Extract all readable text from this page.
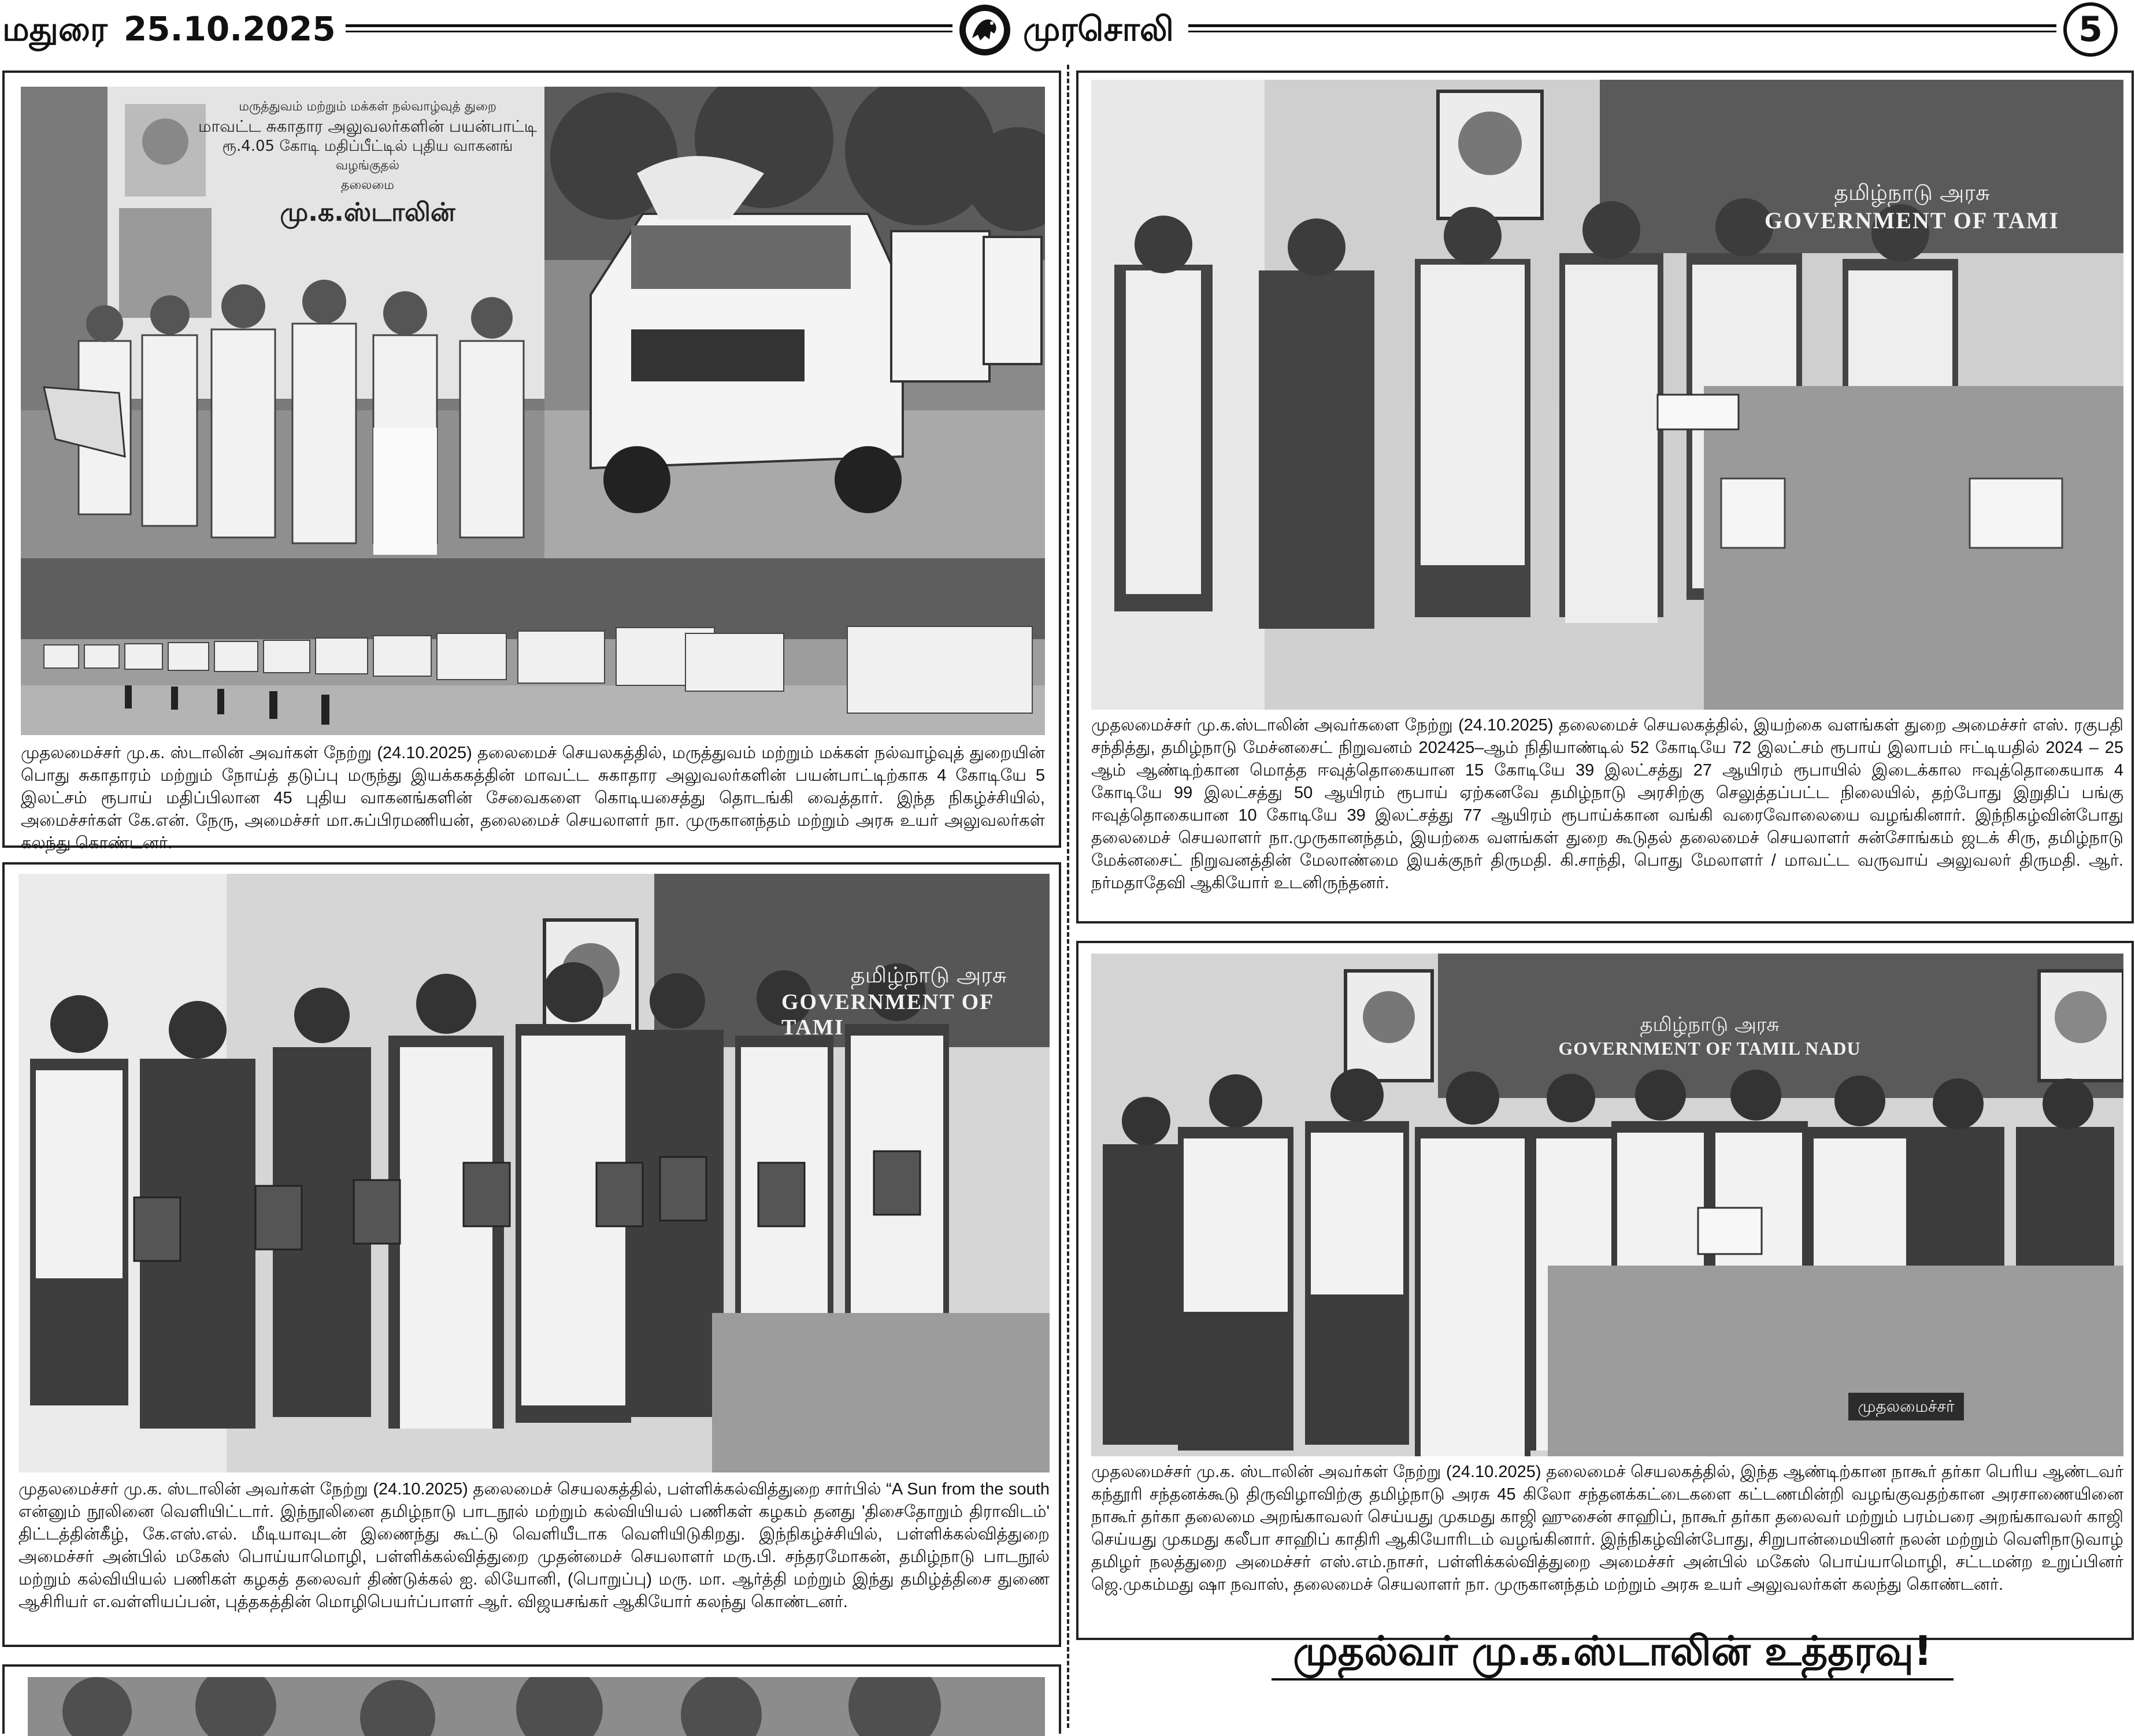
மதுரை 25.10.2025	முரசொலி	5
மருத்துவம் மற்றும் மக்கள் நல்வாழ்வுத் துறை
மாவட்ட சுகாதார அலுவலர்களின் பயன்பாட்டி
ரூ.4.05 கோடி மதிப்பீட்டில் புதிய வாகனங்
வழங்குதல்
தலைமை
மு.க.ஸ்டாலின்
முதலமைச்சர் மு.க. ஸ்டாலின் அவர்கள் நேற்று (24.10.2025) தலைமைச் செயலகத்தில், மருத்துவம் மற்றும் மக்கள் நல்வாழ்வுத் துறையின் பொது சுகாதாரம் மற்றும் நோய்த் தடுப்பு மருந்து இயக்ககத்தின் மாவட்ட சுகாதார அலுவலர்களின் பயன்பாட்டிற்காக 4 கோடியே 5 இலட்சம் ரூபாய் மதிப்பிலான 45 புதிய வாகனங்களின் சேவைகளை கொடியசைத்து தொடங்கி வைத்தார். இந்த நிகழ்ச்சியில், அமைச்சர்கள் கே.என். நேரு, அமைச்சர் மா.சுப்பிரமணியன், தலைமைச் செயலாளர் நா. முருகானந்தம் மற்றும் அரசு உயர் அலுவலர்கள் கலந்து கொண்டனர்.
தமிழ்நாடு அரசு
GOVERNMENT OF TAMI
முதலமைச்சர் மு.க.ஸ்டாலின் அவர்களை நேற்று (24.10.2025) தலைமைச் செயலகத்தில், இயற்கை வளங்கள் துறை அமைச்சர் எஸ். ரகுபதி சந்தித்து, தமிழ்நாடு மேச்னசைட் நிறுவனம் 202425–ஆம் நிதியாண்டில் 52 கோடியே 72 இலட்சம் ரூபாய் இலாபம் ஈட்டியதில் 2024 – 25 ஆம் ஆண்டிற்கான மொத்த ஈவுத்தொகையான 15 கோடியே 39 இலட்சத்து 27 ஆயிரம் ரூபாயில் இடைக்கால ஈவுத்தொகையாக 4 கோடியே 99 இலட்சத்து 50 ஆயிரம் ரூபாய் ஏற்கனவே தமிழ்நாடு அரசிற்கு செலுத்தப்பட்ட நிலையில், தற்போது இறுதிப் பங்கு ஈவுத்தொகையான 10 கோடியே 39 இலட்சத்து 77 ஆயிரம் ரூபாய்க்கான வங்கி வரைவோலையை வழங்கினார். இந்நிகழ்வின்போது தலைமைச் செயலாளர் நா.முருகானந்தம், இயற்கை வளங்கள் துறை கூடுதல் தலைமைச் செயலாளர் சுன்சோங்கம் ஜடக் சிரு, தமிழ்நாடு மேக்னசைட் நிறுவனத்தின் மேலாண்மை இயக்குநர் திருமதி. கி.சாந்தி, பொது மேலாளர் / மாவட்ட வருவாய் அலுவலர் திருமதி. ஆர். நர்மதாதேவி ஆகியோர் உடனிருந்தனர்.
தமிழ்நாடு அரசு
GOVERNMENT OF TAMI
முதலமைச்சர் மு.க. ஸ்டாலின் அவர்கள் நேற்று (24.10.2025) தலைமைச் செயலகத்தில், பள்ளிக்கல்வித்துறை சார்பில் “A Sun from the south என்னும் நூலினை வெளியிட்டார். இந்நூலினை தமிழ்நாடு பாடநூல் மற்றும் கல்வியியல் பணிகள் கழகம் தனது 'திசைதோறும் திராவிடம்' திட்டத்தின்கீழ், கே.எஸ்.எல். மீடியாவுடன் இணைந்து கூட்டு வெளியீடாக வெளியிடுகிறது. இந்நிகழ்ச்சியில், பள்ளிக்கல்வித்துறை அமைச்சர் அன்பில் மகேஸ் பொய்யாமொழி, பள்ளிக்கல்வித்துறை முதன்மைச் செயலாளர் மரு.பி. சந்தரமோகன், தமிழ்நாடு பாடநூல் மற்றும் கல்வியியல் பணிகள் கழகத் தலைவர் திண்டுக்கல் ஐ. லியோனி, (பொறுப்பு) மரு. மா. ஆர்த்தி மற்றும் இந்து தமிழ்த்திசை துணை ஆசிரியர் எ.வள்ளியப்பன், புத்தகத்தின் மொழிபெயர்ப்பாளர் ஆர். விஜயசங்கர் ஆகியோர் கலந்து கொண்டனர்.
தமிழ்நாடு அரசு
GOVERNMENT OF TAMIL NADU
முதலமைச்சர்
முதலமைச்சர் மு.க. ஸ்டாலின் அவர்கள் நேற்று (24.10.2025) தலைமைச் செயலகத்தில், இந்த ஆண்டிற்கான நாகூர் தர்கா பெரிய ஆண்டவர் கந்தூரி சந்தனக்கூடு திருவிழாவிற்கு தமிழ்நாடு அரசு 45 கிலோ சந்தனக்கட்டைகளை கட்டணமின்றி வழங்குவதற்கான அரசாணையினை நாகூர் தர்கா தலைமை அறங்காவலர் செய்யது முகமது காஜி ஹுசைன் சாஹிப், நாகூர் தர்கா தலைவர் மற்றும் பரம்பரை அறங்காவலர் காஜி செய்யது முகமது கலீபா சாஹிப் காதிரி ஆகியோரிடம் வழங்கினார். இந்நிகழ்வின்போது, சிறுபான்மையினர் நலன் மற்றும் வெளிநாடுவாழ் தமிழர் நலத்துறை அமைச்சர் எஸ்.எம்.நாசர், பள்ளிக்கல்வித்துறை அமைச்சர் அன்பில் மகேஸ் பொய்யாமொழி, சட்டமன்ற உறுப்பினர் ஜெ.முகம்மது ஷா நவாஸ், தலைமைச் செயலாளர் நா. முருகானந்தம் மற்றும் அரசு உயர் அலுவலர்கள் கலந்து கொண்டனர்.
முதல்வர் மு.க.ஸ்டாலின் உத்தரவு!
